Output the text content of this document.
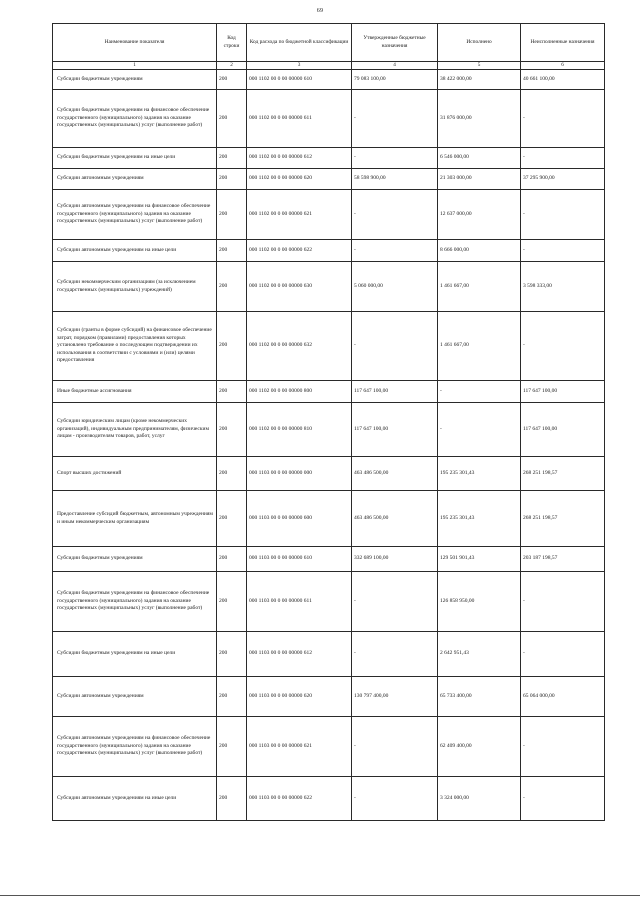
69
Наименование показателя	Код строки	Код расхода по бюджетной классификации	Утвержденные бюджетные назначения	Исполнено	Неисполненные назначения
1	2	3	4	5	6
Субсидии бюджетным учреждениям	200	000 1102 00 0 00 00000 610	79 083 100,00	38 422 000,00	40 661 100,00
Субсидии бюджетным учреждениям на финансовое обеспечение государственного (муниципального) задания на оказание государственных (муниципальных) услуг (выполнение работ)	200	000 1102 00 0 00 00000 611	-	31 876 000,00	-
Субсидии бюджетным учреждениям на иные цели	200	000 1102 00 0 00 00000 612	-	6 546 000,00	-
Субсидии автономным учреждениям	200	000 1102 00 0 00 00000 620	58 598 900,00	21 303 000,00	37 295 900,00
Субсидии автономным учреждениям на финансовое обеспечение государственного (муниципального) задания на оказание государственных (муниципальных) услуг (выполнение работ)	200	000 1102 00 0 00 00000 621	-	12 637 000,00	-
Субсидии автономным учреждениям на иные цели	200	000 1102 00 0 00 00000 622	-	8 666 000,00	-
Субсидии некоммерческим организациям (за исключением государственных (муниципальных) учреждений)	200	000 1102 00 0 00 00000 630	5 060 000,00	1 461 667,00	3 598 333,00
Субсидии (гранты в форме субсидий) на финансовое обеспечение затрат, порядком (правилами) предоставления которых установлено требование о последующем подтверждении их использования в соответствии с условиями и (или) целями предоставления	200	000 1102 00 0 00 00000 632	-	1 461 667,00	-
Иные бюджетные ассигнования	200	000 1102 00 0 00 00000 800	117 647 100,00	-	117 647 100,00
Субсидии юридическим лицам (кроме некоммерческих организаций), индивидуальным предпринимателям, физическим лицам - производителям товаров, работ, услуг	200	000 1102 00 0 00 00000 810	117 647 100,00	-	117 647 100,00
Спорт высших достижений	200	000 1103 00 0 00 00000 000	463 486 500,00	195 235 301,43	268 251 198,57
Предоставление субсидий бюджетным, автономным учреждениям и иным некоммерческим организациям	200	000 1103 00 0 00 00000 600	463 486 500,00	195 235 301,43	268 251 198,57
Субсидии бюджетным учреждениям	200	000 1103 00 0 00 00000 610	332 689 100,00	129 501 901,43	203 187 198,57
Субсидии бюджетным учреждениям на финансовое обеспечение государственного (муниципального) задания на оказание государственных (муниципальных) услуг (выполнение работ)	200	000 1103 00 0 00 00000 611	-	126 858 950,00	-
Субсидии бюджетным учреждениям на иные цели	200	000 1103 00 0 00 00000 612	-	2 642 951,43	-
Субсидии автономным учреждениям	200	000 1103 00 0 00 00000 620	130 797 400,00	65 733 400,00	65 064 000,00
Субсидии автономным учреждениям на финансовое обеспечение государственного (муниципального) задания на оказание государственных (муниципальных) услуг (выполнение работ)	200	000 1103 00 0 00 00000 621	-	62 409 400,00	-
Субсидии автономным учреждениям на иные цели	200	000 1103 00 0 00 00000 622	-	3 324 000,00	-
